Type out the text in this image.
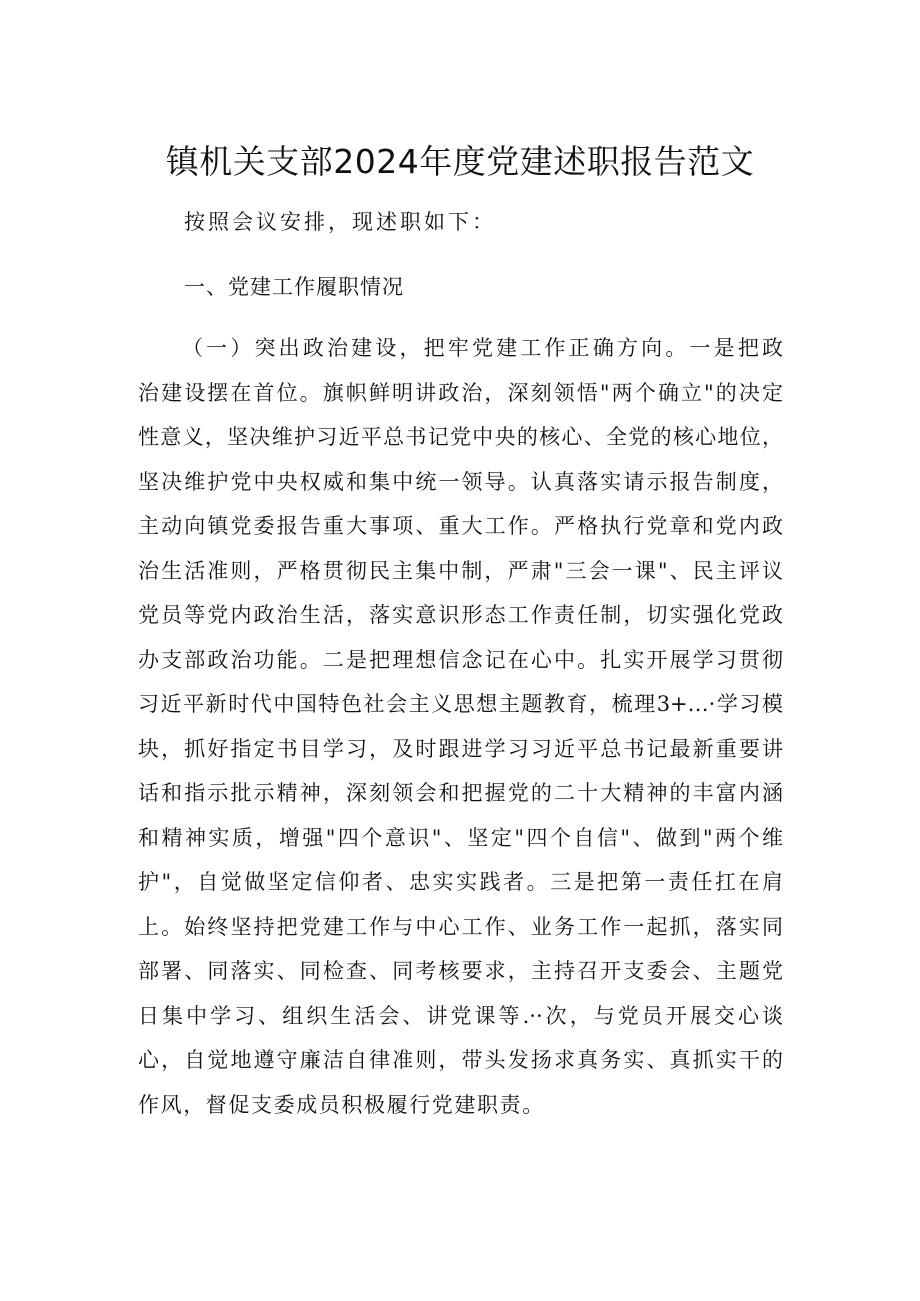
镇机关支部2024年度党建述职报告范文
按照会议安排，现述职如下：
一、党建工作履职情况
（一）突出政治建设，把牢党建工作正确方向。一是把政
治建设摆在首位。旗帜鲜明讲政治，深刻领悟"两个确立"的决定
性意义，坚决维护习近平总书记党中央的核心、全党的核心地位，
坚决维护党中央权威和集中统一领导。认真落实请示报告制度，
主动向镇党委报告重大事项、重大工作。严格执行党章和党内政
治生活准则，严格贯彻民主集中制，严肃"三会一课"、民主评议
党员等党内政治生活，落实意识形态工作责任制，切实强化党政
办支部政治功能。二是把理想信念记在心中。扎实开展学习贯彻
习近平新时代中国特色社会主义思想主题教育，梳理3+…·学习模
块，抓好指定书目学习，及时跟进学习习近平总书记最新重要讲
话和指示批示精神，深刻领会和把握党的二十大精神的丰富内涵
和精神实质，增强"四个意识"、坚定"四个自信"、做到"两个维
护"，自觉做坚定信仰者、忠实实践者。三是把第一责任扛在肩
上。始终坚持把党建工作与中心工作、业务工作一起抓，落实同
部署、同落实、同检查、同考核要求，主持召开支委会、主题党
日集中学习、组织生活会、讲党课等.··次，与党员开展交心谈
心，自觉地遵守廉洁自律准则，带头发扬求真务实、真抓实干的
作风，督促支委成员积极履行党建职责。
